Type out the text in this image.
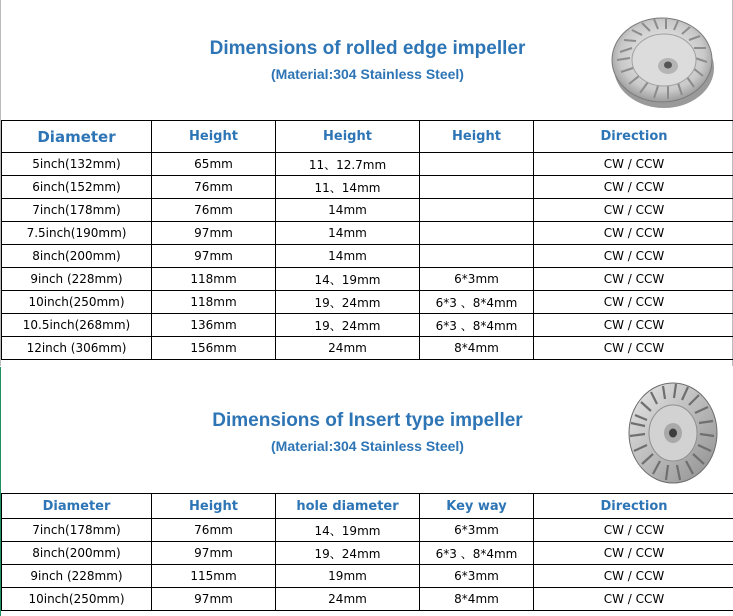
Dimensions of rolled edge impeller
(Material:304 Stainless Steel)
Diameter	Height	Height	Height	Direction
5inch(132mm)	65mm	11、12.7mm		CW / CCW
6inch(152mm)	76mm	11、14mm		CW / CCW
7inch(178mm)	76mm	14mm		CW / CCW
7.5inch(190mm)	97mm	14mm		CW / CCW
8inch(200mm)	97mm	14mm		CW / CCW
9inch (228mm)	118mm	14、19mm	6*3mm	CW / CCW
10inch(250mm)	118mm	19、24mm	6*3 、8*4mm	CW / CCW
10.5inch(268mm)	136mm	19、24mm	6*3 、8*4mm	CW / CCW
12inch (306mm)	156mm	24mm	8*4mm	CW / CCW
Dimensions of Insert type impeller
(Material:304 Stainless Steel)
Diameter	Height	hole diameter	Key way	Direction
7inch(178mm)	76mm	14、19mm	6*3mm	CW / CCW
8inch(200mm)	97mm	19、24mm	6*3 、8*4mm	CW / CCW
9inch (228mm)	115mm	19mm	6*3mm	CW / CCW
10inch(250mm)	97mm	24mm	8*4mm	CW / CCW
